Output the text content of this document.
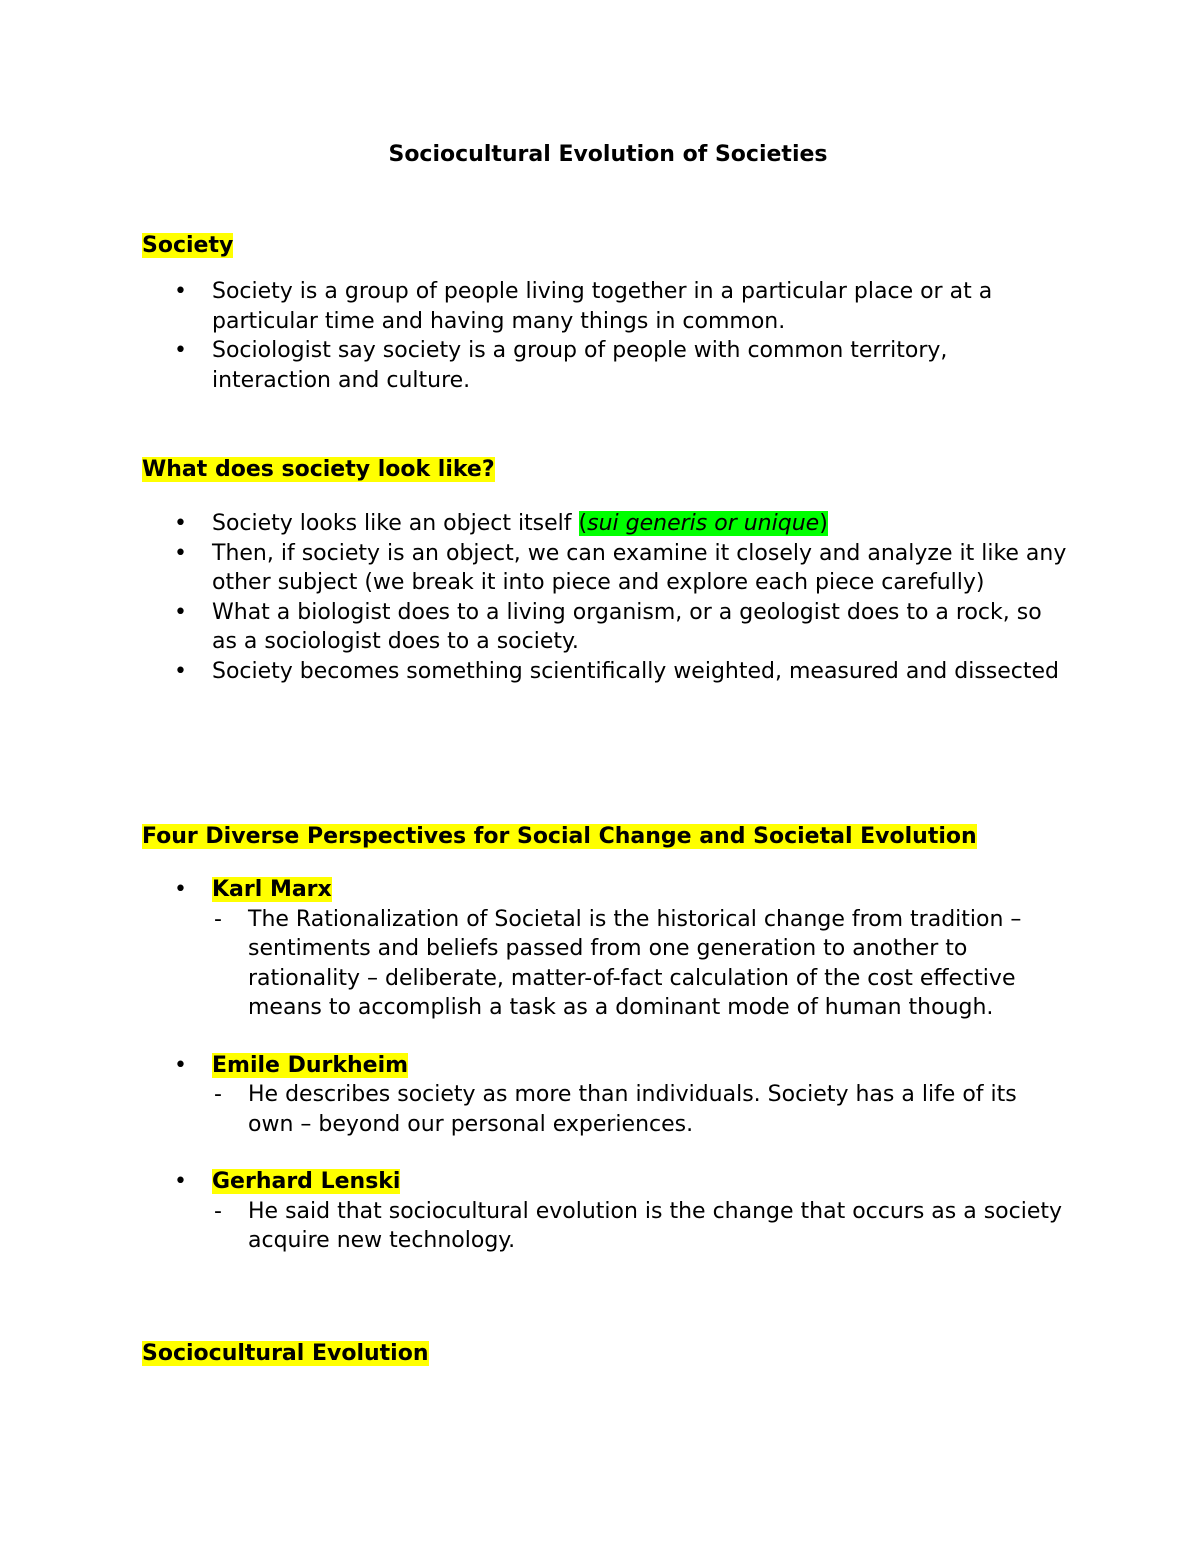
Sociocultural Evolution of Societies
Society
• Society is a group of people living together in a particular place or at a particular time and having many things in common.
• Sociologist say society is a group of people with common territory, interaction and culture.
What does society look like?
• Society looks like an object itself (sui generis or unique)
• Then, if society is an object, we can examine it closely and analyze it like any other subject (we break it into piece and explore each piece carefully)
• What a biologist does to a living organism, or a geologist does to a rock, so as a sociologist does to a society.
• Society becomes something scientifically weighted, measured and dissected
Four Diverse Perspectives for Social Change and Societal Evolution
• Karl Marx
- The Rationalization of Societal is the historical change from tradition – sentiments and beliefs passed from one generation to another to rationality – deliberate, matter-of-fact calculation of the cost effective means to accomplish a task as a dominant mode of human though.
• Emile Durkheim
- He describes society as more than individuals. Society has a life of its own – beyond our personal experiences.
• Gerhard Lenski
- He said that sociocultural evolution is the change that occurs as a society acquire new technology.
Sociocultural Evolution
